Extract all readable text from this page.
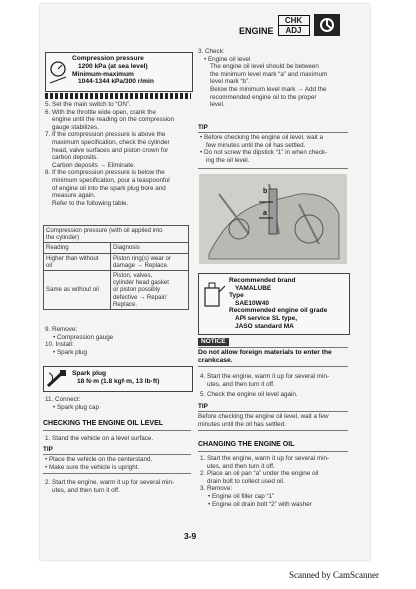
ENGINE
CHK
ADJ
Compression pressure
1200 kPa (at sea level)
Minimum-maximum
1044-1344 kPa/300 r/min
5. Set the main switch to “ON”.
6. With the throttle wide open, crank the
engine until the reading on the compression
gauge stabilizes.
7. If the compression pressure is above the
maximum specification, check the cylinder
head, valve surfaces and piston crown for
carbon deposits.
Carbon deposits → Eliminate.
8. If the compression pressure is below the
minimum specification, pour a teaspoonful
of engine oil into the spark plug bore and
measure again.
Refer to the following table.
Compression pressure (with oil applied into
the cylinder)	
Reading	Diagnosis
Higher than without
oil	Piston ring(s) wear or
damage → Replace.
Same as without oil	Piston, valves,
cylinder head gasket
or piston possibly
defective → Repair/
Replace.
9. Remove:
• Compression gauge
10. Install:
• Spark plug
Spark plug
18 N·m (1.8 kgf·m, 13 lb·ft)
11. Connect:
• Spark plug cap
CHECKING THE ENGINE OIL LEVEL
1. Stand the vehicle on a level surface.
TIP
• Place the vehicle on the centerstand.
• Make sure the vehicle is upright.
2. Start the engine, warm it up for several min-
utes, and then turn it off.
3. Check:
• Engine oil level
The engine oil level should be between
the minimum level mark “a” and maximum
level mark “b”.
Below the minimum level mark → Add the
recommended engine oil to the proper
level.
TIP
• Before checking the engine oil level, wait a
few minutes until the oil has settled.
• Do not screw the dipstick “1” in when check-
ing the oil level.
b
a
Recommended brand
YAMALUBE
Type
SAE10W40
Recommended engine oil grade
API service SL type,
JASO standard MA
NOTICE
Do not allow foreign materials to enter the
crankcase.
4. Start the engine, warm it up for several min-
utes, and then turn it off.
5. Check the engine oil level again.
TIP
Before checking the engine oil level, wait a few
minutes until the oil has settled.
CHANGING THE ENGINE OIL
1. Start the engine, warm it up for several min-
utes, and then turn it off.
2. Place an oil pan “a” under the engine oil
drain bolt to collect used oil.
3. Remove:
• Engine oil filler cap “1”
• Engine oil drain bolt “2” with washer
3-9
Scanned by CamScanner
